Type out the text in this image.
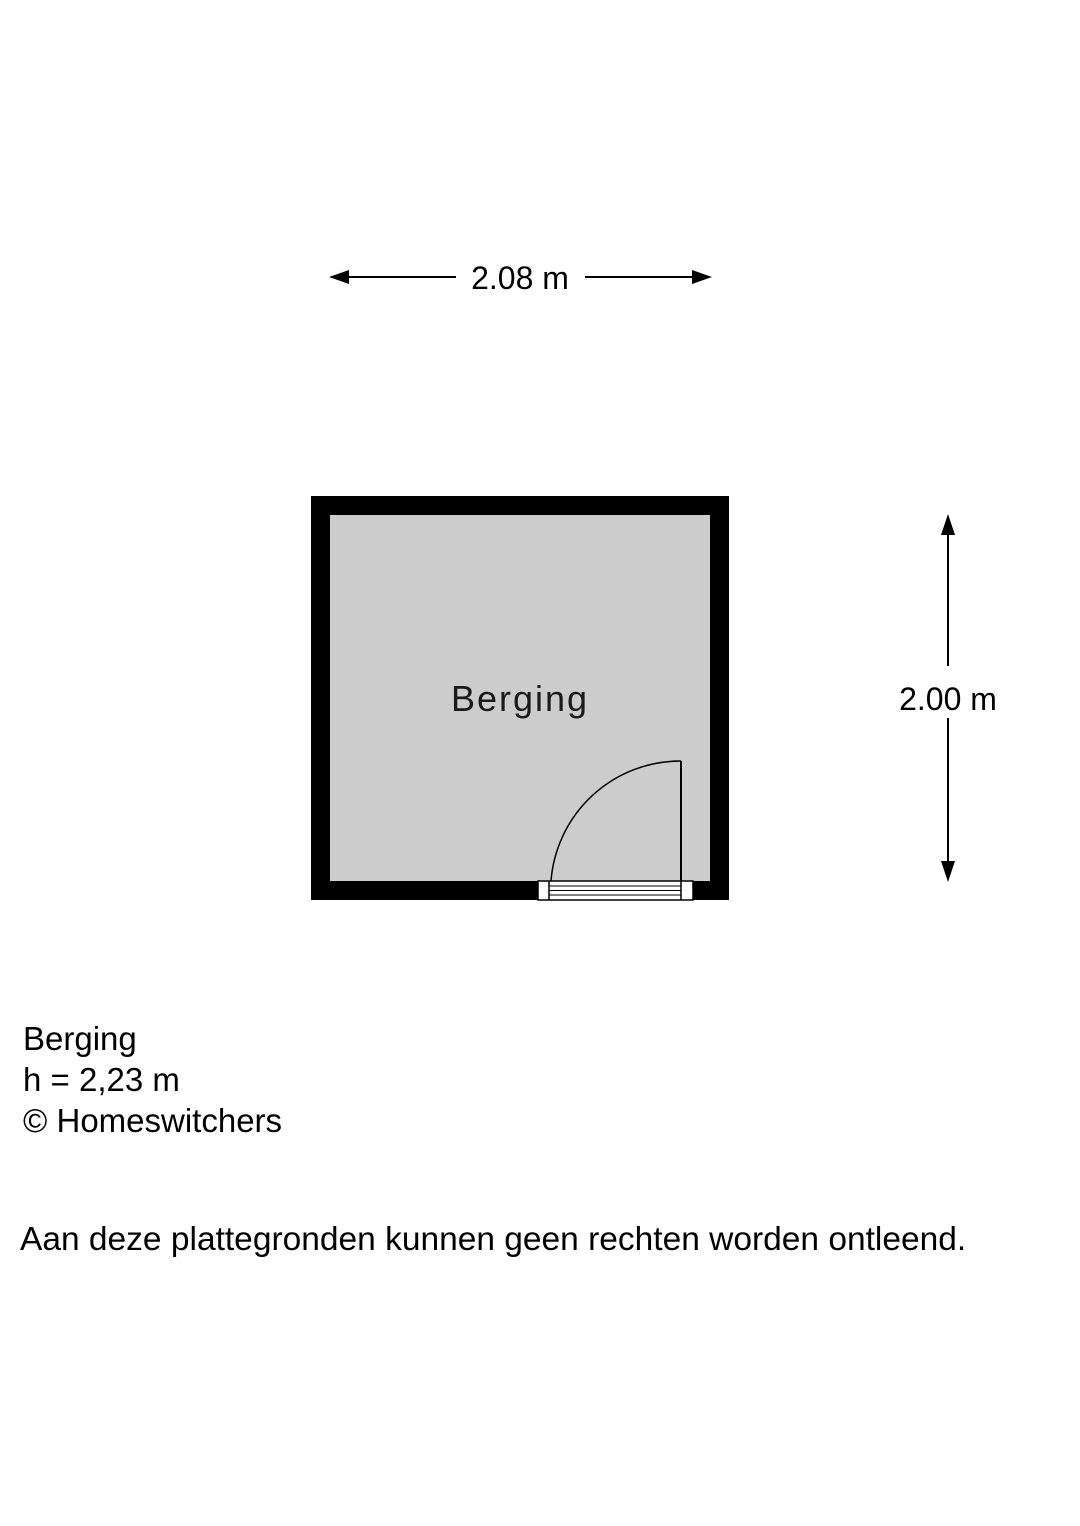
2.08 m
2.00 m
Berging
Berging
h = 2,23 m
© Homeswitchers
Aan deze plattegronden kunnen geen rechten worden ontleend.
